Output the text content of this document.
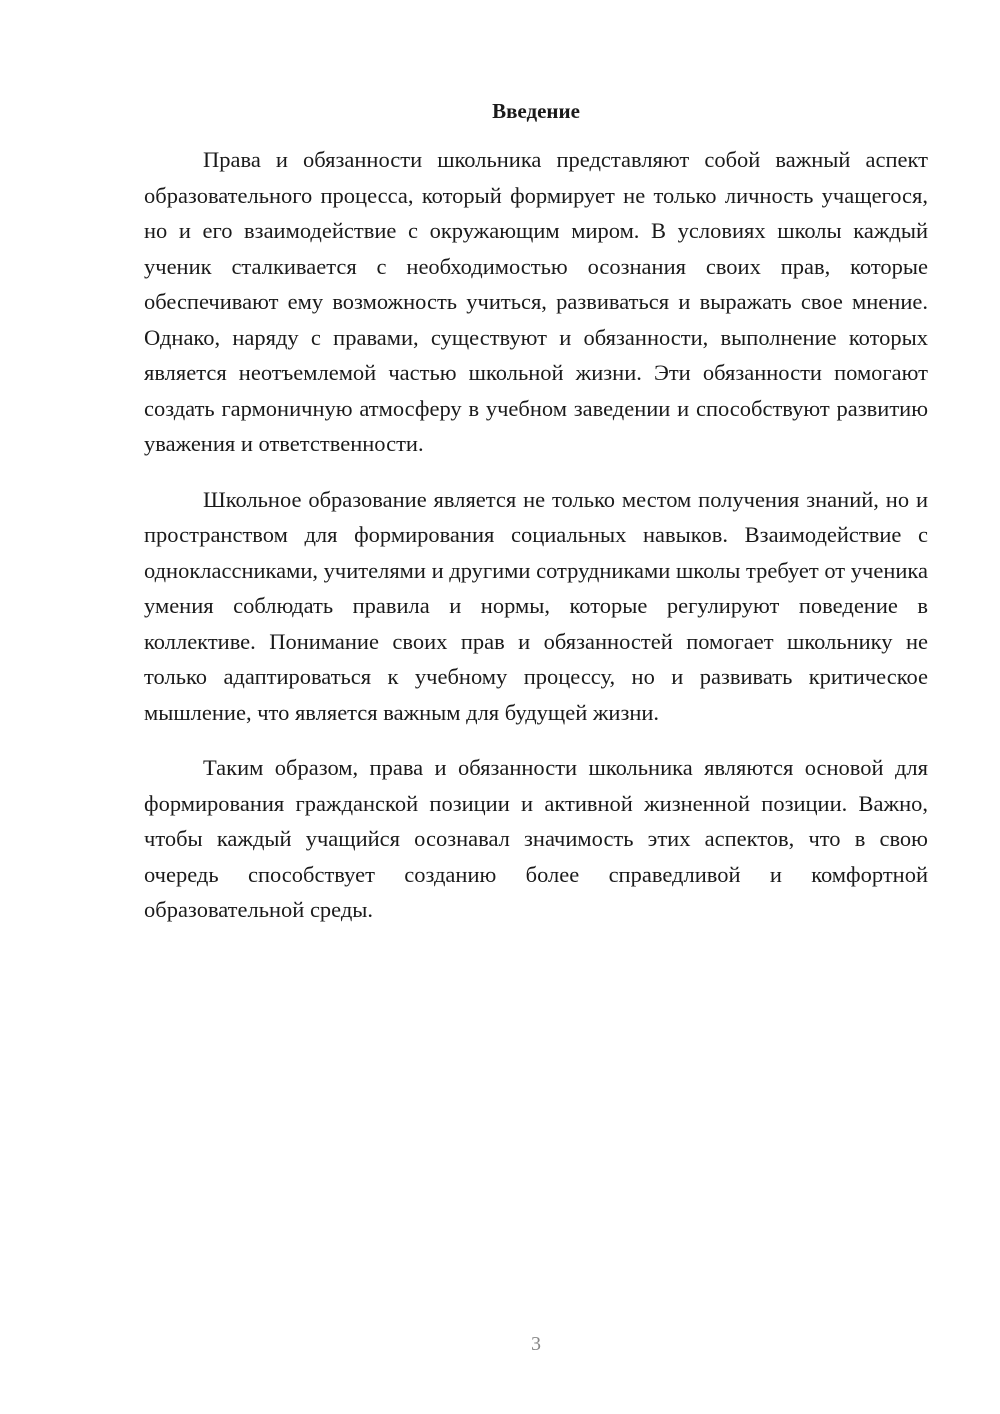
Введение

Права и обязанности школьника представляют собой важный аспект образовательного процесса, который формирует не только личность учащегося, но и его взаимодействие с окружающим миром. В условиях школы каждый ученик сталкивается с необходимостью осознания своих прав, которые обеспечивают ему возможность учиться, развиваться и выражать свое мнение. Однако, наряду с правами, существуют и обязанности, выполнение которых является неотъемлемой частью школьной жизни. Эти обязанности помогают создать гармоничную атмосферу в учебном заведении и способствуют развитию уважения и ответственности.

Школьное образование является не только местом получения знаний, но и пространством для формирования социальных навыков. Взаимодействие с одноклассниками, учителями и другими сотрудниками школы требует от ученика умения соблюдать правила и нормы, которые регулируют поведение в коллективе. Понимание своих прав и обязанностей помогает школьнику не только адаптироваться к учебному процессу, но и развивать критическое мышление, что является важным для будущей жизни.

Таким образом, права и обязанности школьника являются основой для формирования гражданской позиции и активной жизненной позиции. Важно, чтобы каждый учащийся осознавал значимость этих аспектов, что в свою очередь способствует созданию более справедливой и комфортной образовательной среды.

3
